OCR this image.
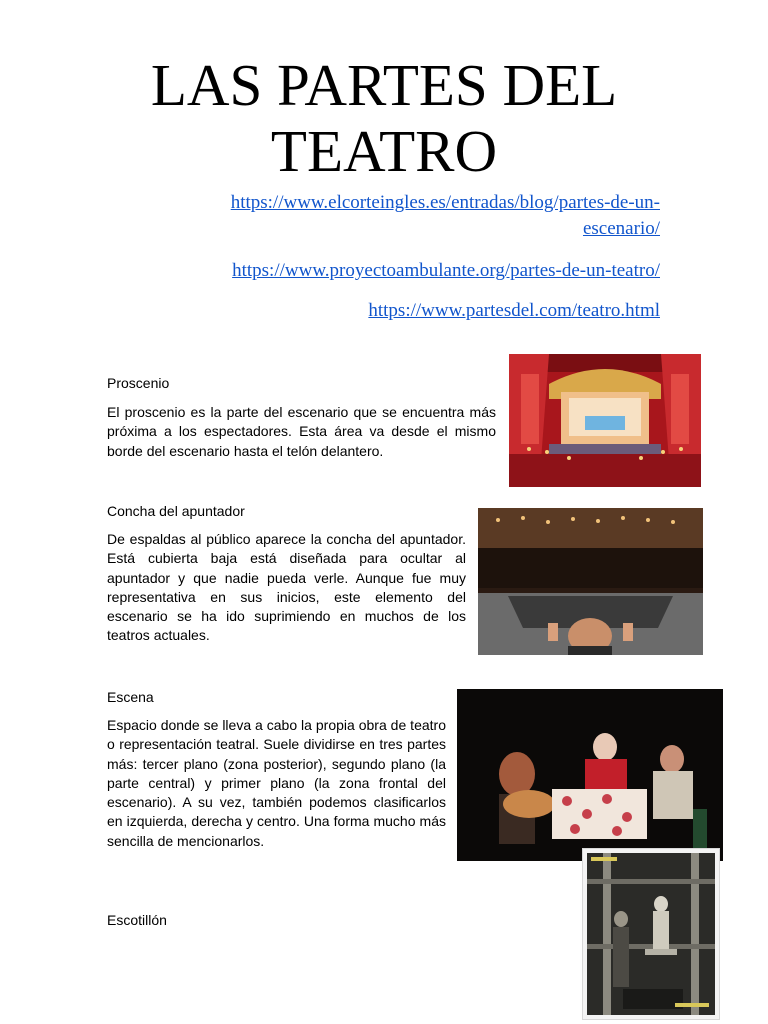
LAS PARTES DEL
TEATRO
https://www.elcorteingles.es/entradas/blog/partes-de-un-
escenario/
https://www.proyectoambulante.org/partes-de-un-teatro/
https://www.partesdel.com/teatro.html
Proscenio

El proscenio es la parte del escenario que se encuentra más próxima a los espectadores. Esta área va desde el mismo borde del escenario hasta el telón delantero.

Concha del apuntador

De espaldas al público aparece la concha del apuntador. Está cubierta baja está diseñada para ocultar al apuntador y que nadie pueda verle. Aunque fue muy representativa en sus inicios, este elemento del escenario se ha ido suprimiendo en muchos de los teatros actuales.

Escena

Espacio donde se lleva a cabo la propia obra de teatro o representación teatral. Suele dividirse en tres partes más: tercer plano (zona posterior), segundo plano (la parte central) y primer plano (la zona frontal del escenario). A su vez, también podemos clasificarlos en izquierda, derecha y centro. Una forma mucho más sencilla de mencionarlos.

Escotillón
